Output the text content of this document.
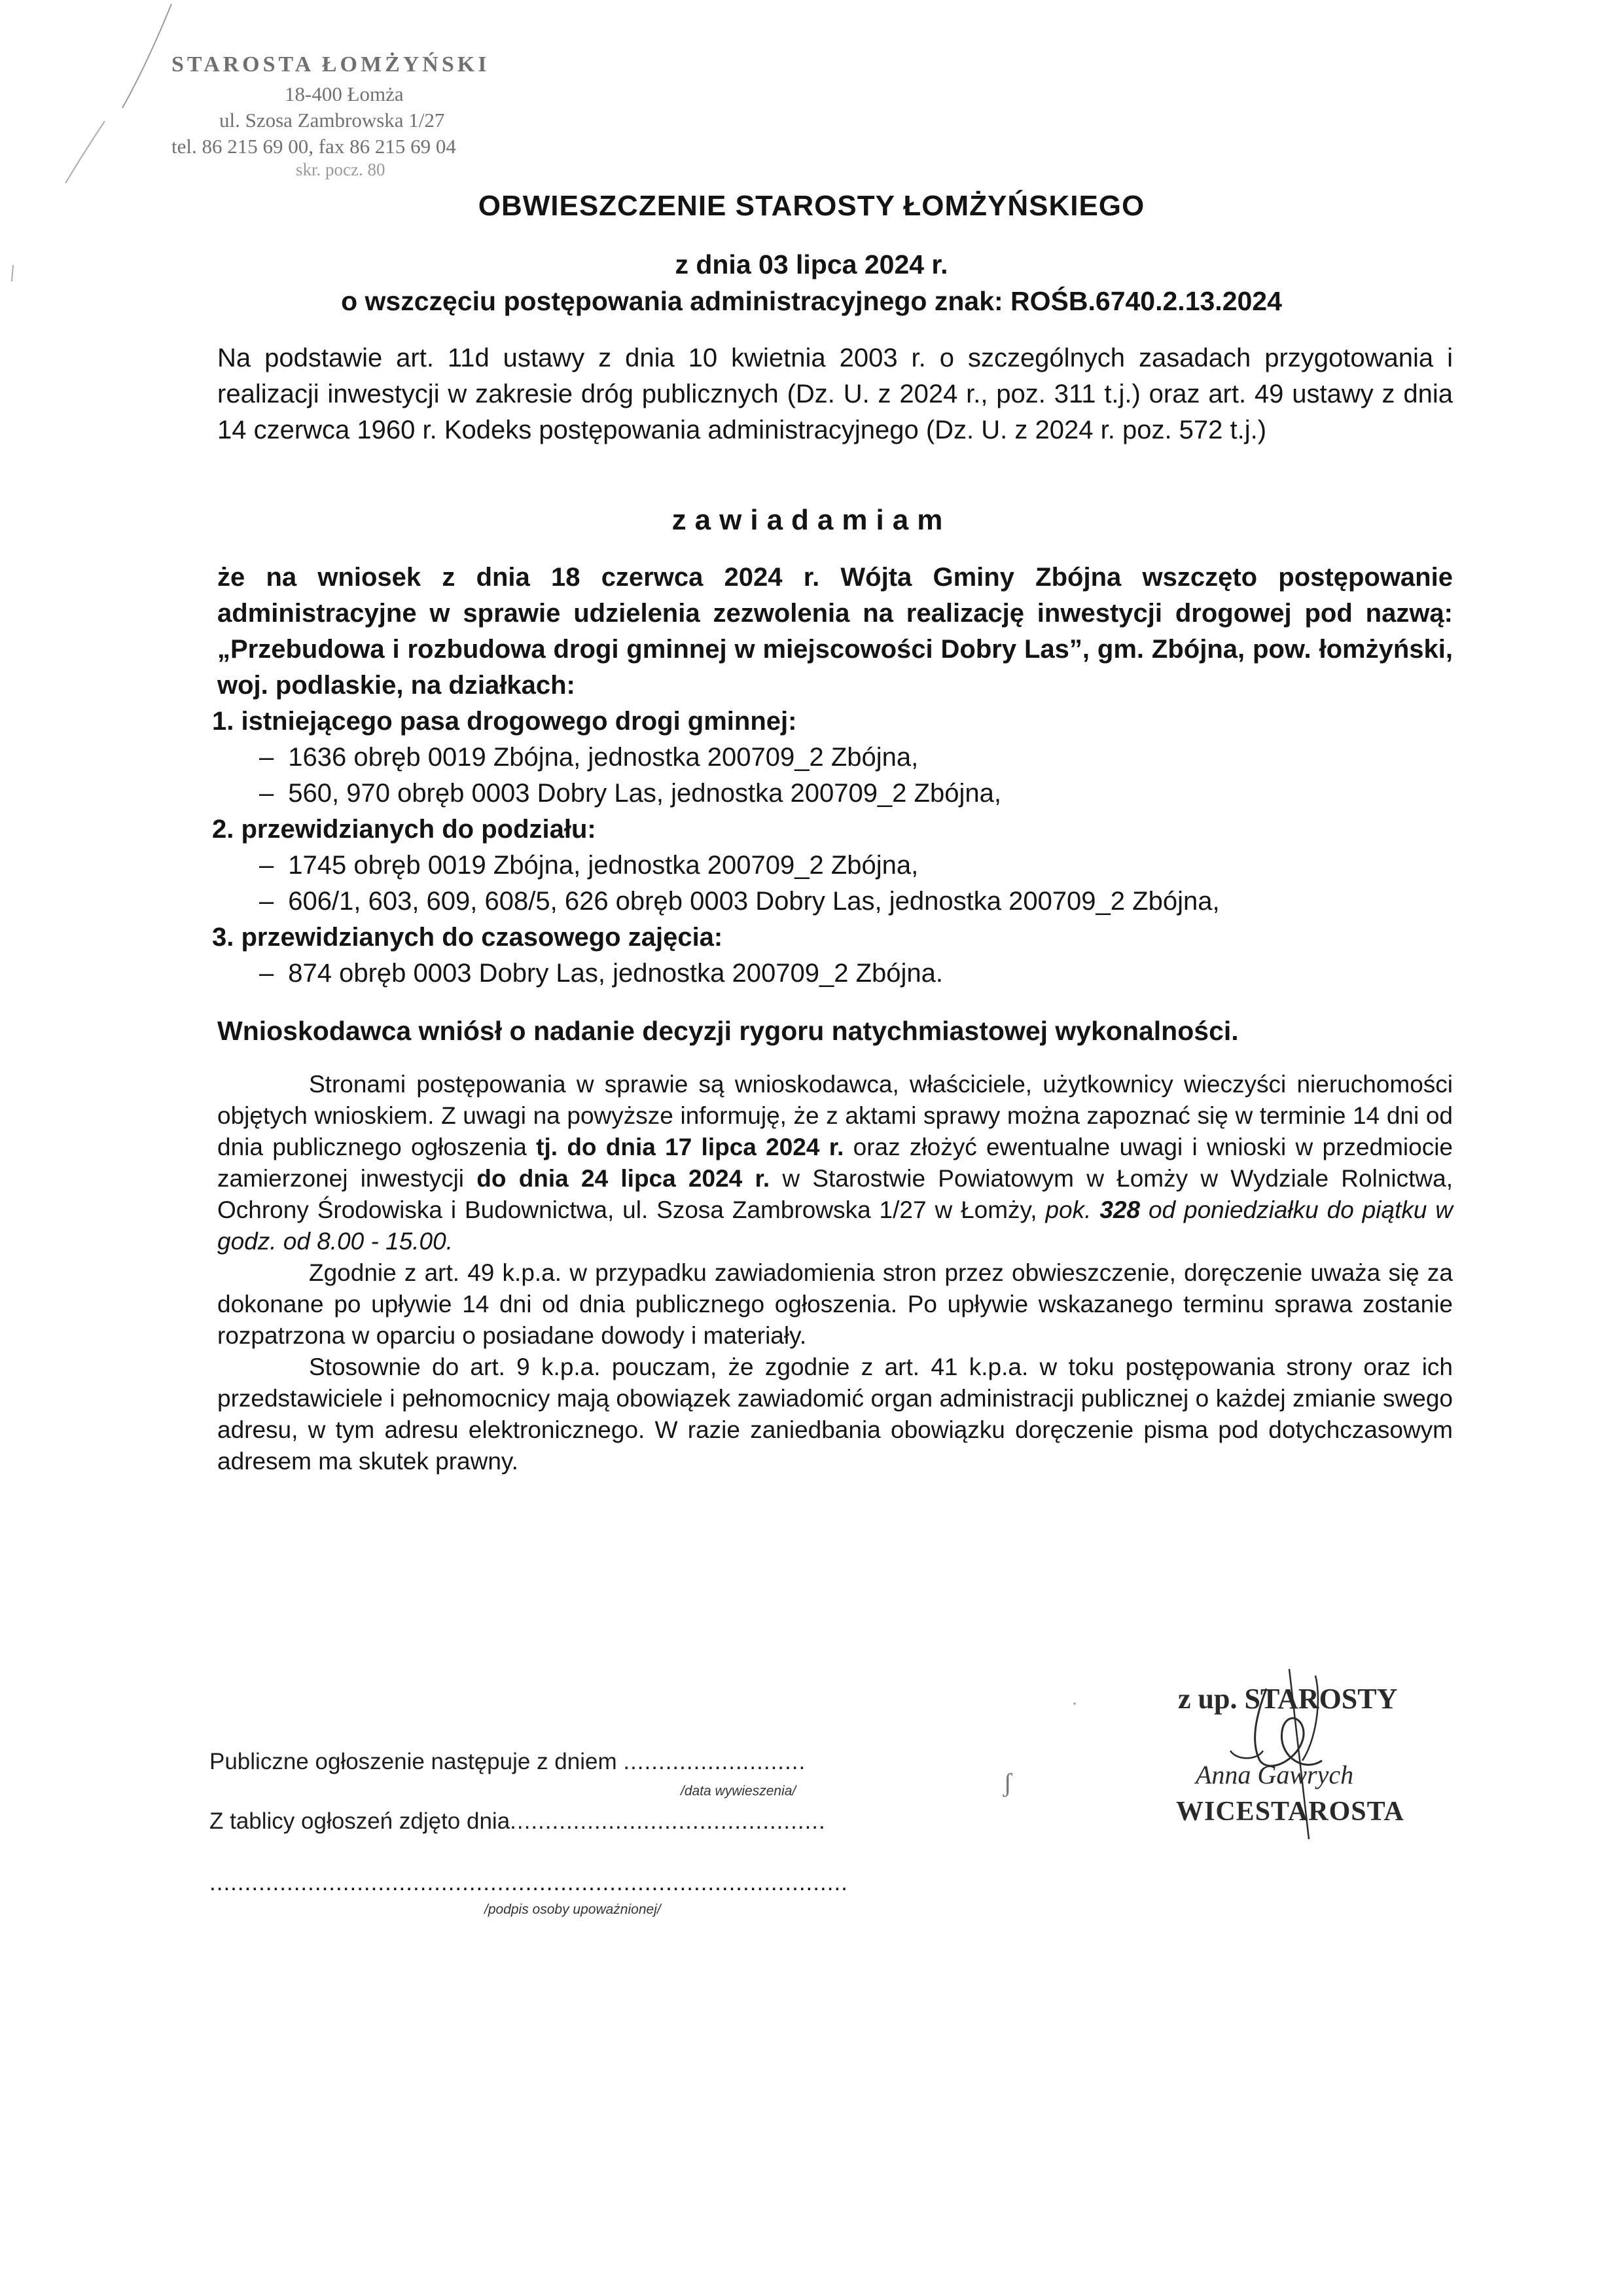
STAROSTA ŁOMŻYŃSKI
18-400 Łomża
ul. Szosa Zambrowska 1/27
tel. 86 215 69 00, fax 86 215 69 04
skr. pocz. 80
OBWIESZCZENIE STAROSTY ŁOMŻYŃSKIEGO
z dnia 03 lipca 2024 r.
o wszczęciu postępowania administracyjnego znak: ROŚB.6740.2.13.2024
Na podstawie art. 11d ustawy z dnia 10 kwietnia 2003 r. o szczególnych zasadach przygotowania i realizacji inwestycji w zakresie dróg publicznych (Dz. U. z 2024 r., poz. 311 t.j.) oraz art. 49 ustawy z dnia 14 czerwca 1960 r. Kodeks postępowania administracyjnego (Dz. U. z 2024 r. poz. 572 t.j.)
zawiadamiam
że na wniosek z dnia 18 czerwca 2024 r. Wójta Gminy Zbójna wszczęto postępowanie administracyjne w sprawie udzielenia zezwolenia na realizację inwestycji drogowej pod nazwą: „Przebudowa i rozbudowa drogi gminnej w miejscowości Dobry Las”, gm. Zbójna, pow. łomżyński, woj. podlaskie, na działkach:
1. istniejącego pasa drogowego drogi gminnej:
– 1636 obręb 0019 Zbójna, jednostka 200709_2 Zbójna,
– 560, 970 obręb 0003 Dobry Las, jednostka 200709_2 Zbójna,
2. przewidzianych do podziału:
– 1745 obręb 0019 Zbójna, jednostka 200709_2 Zbójna,
– 606/1, 603, 609, 608/5, 626 obręb 0003 Dobry Las, jednostka 200709_2 Zbójna,
3. przewidzianych do czasowego zajęcia:
– 874 obręb 0003 Dobry Las, jednostka 200709_2 Zbójna.
Wnioskodawca wniósł o nadanie decyzji rygoru natychmiastowej wykonalności.

Stronami postępowania w sprawie są wnioskodawca, właściciele, użytkownicy wieczyści nieruchomości objętych wnioskiem. Z uwagi na powyższe informuję, że z aktami sprawy można zapoznać się w terminie 14 dni od dnia publicznego ogłoszenia tj. do dnia 17 lipca 2024 r. oraz złożyć ewentualne uwagi i wnioski w przedmiocie zamierzonej inwestycji do dnia 24 lipca 2024 r. w Starostwie Powiatowym w Łomży w Wydziale Rolnictwa, Ochrony Środowiska i Budownictwa, ul. Szosa Zambrowska 1/27 w Łomży, pok. 328 od poniedziałku do piątku w godz. od 8.00 - 15.00.

Zgodnie z art. 49 k.p.a. w przypadku zawiadomienia stron przez obwieszczenie, doręczenie uważa się za dokonane po upływie 14 dni od dnia publicznego ogłoszenia. Po upływie wskazanego terminu sprawa zostanie rozpatrzona w oparciu o posiadane dowody i materiały.

Stosownie do art. 9 k.p.a. pouczam, że zgodnie z art. 41 k.p.a. w toku postępowania strony oraz ich przedstawiciele i pełnomocnicy mają obowiązek zawiadomić organ administracji publicznej o każdej zmianie swego adresu, w tym adresu elektronicznego. W razie zaniedbania obowiązku doręczenie pisma pod dotychczasowym adresem ma skutek prawny.

z up. STAROSTY
Anna Gawrych
WICESTAROSTA
ʃ
·
Publiczne ogłoszenie następuje z dniem ..........................
/data wywieszenia/
Z tablicy ogłoszeń zdjęto dnia.............................................
...........................................................................................
/podpis osoby upoważnionej/
